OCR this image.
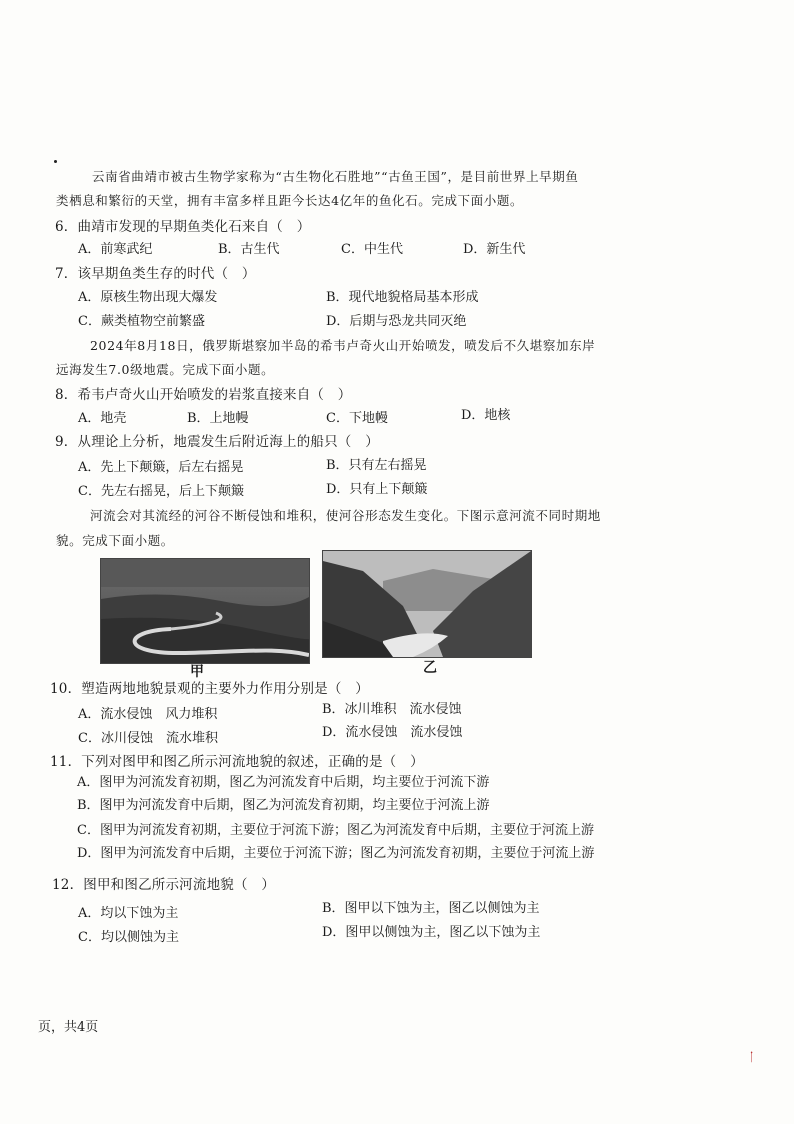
云南省曲靖市被古生物学家称为“古生物化石胜地”“古鱼王国”，是目前世界上早期鱼
类栖息和繁衍的天堂，拥有丰富多样且距今长达4亿年的鱼化石。完成下面小题。
6．曲靖市发现的早期鱼类化石来自（　）
A．前寒武纪	B．古生代	C．中生代	D．新生代
7．该早期鱼类生存的时代（　）
A．原核生物出现大爆发	B．现代地貌格局基本形成
C．蕨类植物空前繁盛	D．后期与恐龙共同灭绝
2024年8月18日，俄罗斯堪察加半岛的希韦卢奇火山开始喷发，喷发后不久堪察加东岸
远海发生7.0级地震。完成下面小题。
8．希韦卢奇火山开始喷发的岩浆直接来自（　）
A．地壳	B．上地幔	C．下地幔	D．地核
9．从理论上分析，地震发生后附近海上的船只（　）
A．先上下颠簸，后左右摇晃	B．只有左右摇晃
C．先左右摇晃，后上下颠簸	D．只有上下颠簸
河流会对其流经的河谷不断侵蚀和堆积，使河谷形态发生变化。下图示意河流不同时期地
貌。完成下面小题。
甲	乙
10．塑造两地地貌景观的主要外力作用分别是（　）
A．流水侵蚀　风力堆积	B．冰川堆积　流水侵蚀
C．冰川侵蚀　流水堆积	D．流水侵蚀　流水侵蚀
11．下列对图甲和图乙所示河流地貌的叙述，正确的是（　）
A．图甲为河流发育初期，图乙为河流发育中后期，均主要位于河流下游
B．图甲为河流发育中后期，图乙为河流发育初期，均主要位于河流上游
C．图甲为河流发育初期，主要位于河流下游；图乙为河流发育中后期，主要位于河流上游
D．图甲为河流发育中后期，主要位于河流下游；图乙为河流发育初期，主要位于河流上游
12．图甲和图乙所示河流地貌（　）
A．均以下蚀为主	B．图甲以下蚀为主，图乙以侧蚀为主
C．均以侧蚀为主	D．图甲以侧蚀为主，图乙以下蚀为主
页，共4页
ᛙ
